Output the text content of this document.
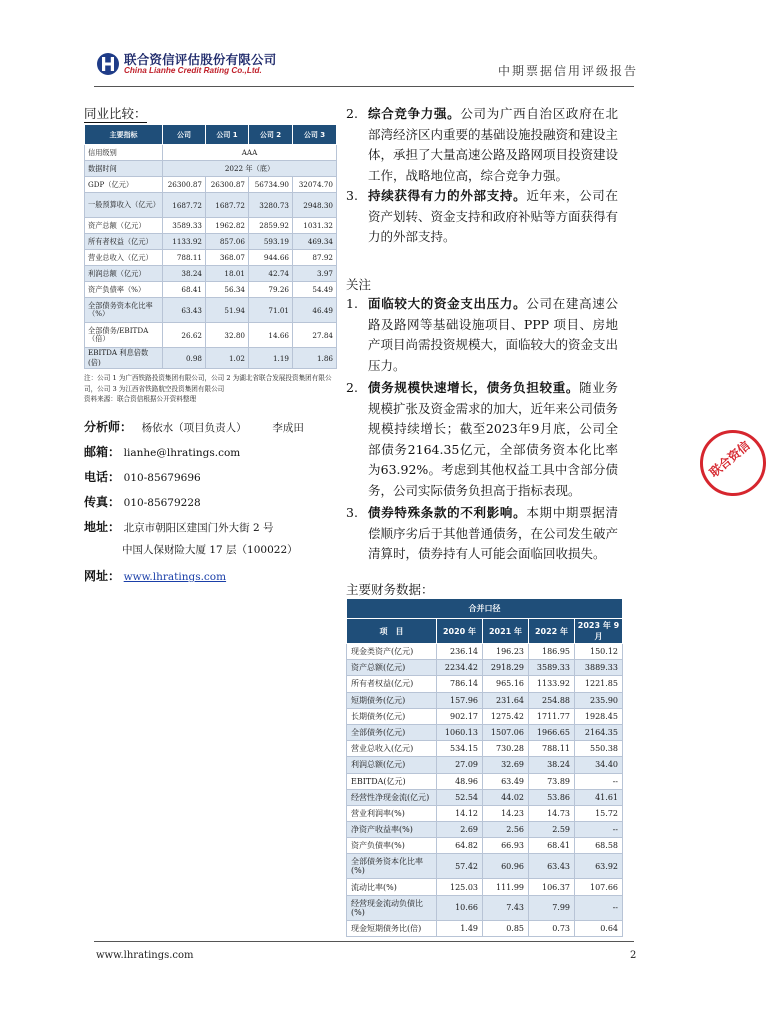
联合资信评估股份有限公司
China Lianhe Credit Rating Co.,Ltd.	中期票据信用评级报告
同业比较：
主要指标	公司	公司 1	公司 2	公司 3
信用级别	AAA			
数据时间	2022 年（底）			
GDP（亿元）	26300.87	26300.87	56734.90	32074.70
一般预算收入（亿元）	1687.72	1687.72	3280.73	2948.30
资产总额（亿元）	3589.33	1962.82	2859.92	1031.32
所有者权益（亿元）	1133.92	857.06	593.19	469.34
营业总收入（亿元）	788.11	368.07	944.66	87.92
利润总额（亿元）	38.24	18.01	42.74	3.97
资产负债率（%）	68.41	56.34	79.26	54.49
全部债务资本化比率（%）	63.43	51.94	71.01	46.49
全部债务/EBITDA（倍）	26.62	32.80	14.66	27.84
EBITDA 利息倍数(倍)	0.98	1.02	1.19	1.86
注：公司 1 为广西铁路投资集团有限公司，公司 2 为湖北省联合发展投资集团有限公司，公司 3 为江西省铁路航空投资集团有限公司
资料来源：联合资信根据公开资料整理
分析师： 杨依水（项目负责人） 李成田
邮箱： lianhe@lhratings.com
电话： 010-85679696
传真： 010-85679228
地址： 北京市朝阳区建国门外大街 2 号
中国人保财险大厦 17 层（100022）
网址： www.lhratings.com
2. 综合竞争力强。公司为广西自治区政府在北部湾经济区内重要的基础设施投融资和建设主体，承担了大量高速公路及路网项目投资建设工作，战略地位高，综合竞争力强。
3. 持续获得有力的外部支持。近年来，公司在资产划转、资金支持和政府补贴等方面获得有力的外部支持。
关注
1. 面临较大的资金支出压力。公司在建高速公路及路网等基础设施项目、PPP 项目、房地产项目尚需投资规模大，面临较大的资金支出压力。
2. 债务规模快速增长，债务负担较重。随业务规模扩张及资金需求的加大，近年来公司债务规模持续增长；截至2023年9月底，公司全部债务2164.35亿元，全部债务资本化比率为63.92%。考虑到其他权益工具中含部分债务，公司实际债务负担高于指标表现。
3. 债券特殊条款的不利影响。本期中期票据清偿顺序劣后于其他普通债务，在公司发生破产清算时，债券持有人可能会面临回收损失。
主要财务数据：
合并口径				
项　目	2020 年	2021 年	2022 年	2023 年 9 月
现金类资产(亿元)	236.14	196.23	186.95	150.12
资产总额(亿元)	2234.42	2918.29	3589.33	3889.33
所有者权益(亿元)	786.14	965.16	1133.92	1221.85
短期债务(亿元)	157.96	231.64	254.88	235.90
长期债务(亿元)	902.17	1275.42	1711.77	1928.45
全部债务(亿元)	1060.13	1507.06	1966.65	2164.35
营业总收入(亿元)	534.15	730.28	788.11	550.38
利润总额(亿元)	27.09	32.69	38.24	34.40
EBITDA(亿元)	48.96	63.49	73.89	--
经营性净现金流(亿元)	52.54	44.02	53.86	41.61
营业利润率(%)	14.12	14.23	14.73	15.72
净资产收益率(%)	2.69	2.56	2.59	--
资产负债率(%)	64.82	66.93	68.41	68.58
全部债务资本化比率(%)	57.42	60.96	63.43	63.92
流动比率(%)	125.03	111.99	106.37	107.66
经营现金流动负债比(%)	10.66	7.43	7.99	--
现金短期债务比(倍)	1.49	0.85	0.73	0.64
www.lhratings.com	2
联合资信
